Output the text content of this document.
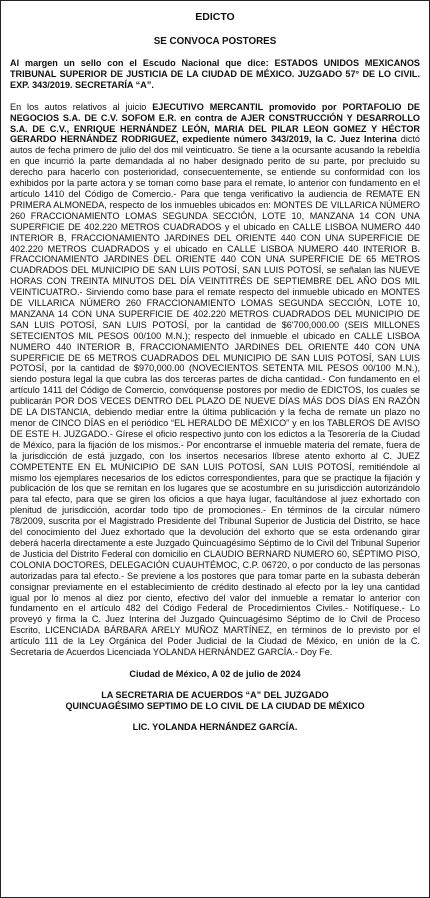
EDICTO
SE CONVOCA POSTORES
Al margen un sello con el Escudo Nacional que dice: ESTADOS UNIDOS MEXICANOS TRIBUNAL SUPERIOR DE JUSTICIA DE LA CIUDAD DE MÉXICO. JUZGADO 57° DE LO CIVIL. EXP. 343/2019. SECRETARÍA “A”.
En los autos relativos al juicio EJECUTIVO MERCANTIL promovido por PORTAFOLIO DE NEGOCIOS S.A. DE C.V. SOFOM E.R. en contra de AJER CONSTRUCCIÓN Y DESARROLLO S.A. DE C.V., ENRIQUE HERNÁNDEZ LEÓN, MARIA DEL PILAR LEON GOMEZ Y HÉCTOR GERARDO HERNÁNDEZ RODRIGUEZ, expediente número 343/2019, la C. Juez Interina dictó autos de fecha primero de julio del dos mil veinticuatro. Se tiene a la ocursante acusando la rebeldía en que incurrió la parte demandada al no haber designado perito de su parte, por precluido su derecho para hacerlo con posterioridad, consecuentemente, se entiende su conformidad con los exhibidos por la parte actora y se toman como base para el remate, lo anterior con fundamento en el artículo 1410 del Código de Comercio.- Para que tenga verificativo la audiencia de REMATE EN PRIMERA ALMONEDA, respecto de los inmuebles ubicados en: MONTES DE VILLARICA NÚMERO 260 FRACCIONAMIENTO LOMAS SEGUNDA SECCIÓN, LOTE 10, MANZANA 14 CON UNA SUPERFICIE DE 402.220 METROS CUADRADOS y el ubicado en CALLE LISBOA NUMERO 440 INTERIOR B, FRACCIONAMIENTO JARDINES DEL ORIENTE 440 CON UNA SUPERFICIE DE 402.220 METROS CUADRADOS y el ubicado en CALLE LISBOA NUMERO 440 INTERIOR B. FRACCIONAMIENTO JARDINES DEL ORIENTE 440 CON UNA SUPERFICIE DE 65 METROS CUADRADOS DEL MUNICIPIO DE SAN LUIS POTOSÍ, SAN LUIS POTOSÍ, se señalan las NUEVE HORAS CON TREINTA MINUTOS DEL DÍA VEINTITRÉS DE SEPTIEMBRE DEL AÑO DOS MIL VEINTICUATRO.- Sirviendo como base para el remate respecto del inmueble ubicado en MONTES DE VILLARICA NÚMERO 260 FRACCIONAMIENTO LOMAS SEGUNDA SECCIÓN, LOTE 10, MANZANA 14 CON UNA SUPERFICIE DE 402.220 METROS CUADRADOS DEL MUNICIPIO DE SAN LUIS POTOSÍ, SAN LUIS POTOSÍ, por la cantidad de $6'700,000.00 (SEIS MILLONES SETECIENTOS MIL PESOS 00/100 M.N.); respecto del inmueble el ubicado en CALLE LISBOA NUMERO 440 INTERIOR B, FRACCIONAMIENTO JARDINES DEL ORIENTE 440 CON UNA SUPERFICIE DE 65 METROS CUADRADOS DEL MUNICIPIO DE SAN LUIS POTOSÍ, SAN LUIS POTOSÍ, por la cantidad de $970,000.00 (NOVECIENTOS SETENTA MIL PESOS 00/100 M.N.), siendo postura legal la que cubra las dos terceras partes de dicha cantidad.- Con fundamento en el artículo 1411 del Código de Comercio, convóquense postores por medio de EDICTOS, los cuales se publicarán POR DOS VECES DENTRO DEL PLAZO DE NUEVE DÍAS MÁS DOS DÍAS EN RAZÓN DE LA DISTANCIA, debiendo mediar entre la última publicación y la fecha de remate un plazo no menor de CINCO DÍAS en el periódico “EL HERALDO DE MÉXICO” y en los TABLEROS DE AVISO DE ESTE H. JUZGADO.- Gírese el oficio respectivo junto con los edictos a la Tesorería de la Ciudad de México, para la fijación de los mismos.- Por encontrarse el inmueble materia del remate, fuera de la jurisdicción de está juzgado, con los insertos necesarios líbrese atento exhorto al C. JUEZ COMPETENTE EN EL MUNICIPIO DE SAN LUIS POTOSÍ, SAN LUIS POTOSÍ, remitiéndole al mismo los ejemplares necesarios de los edictos correspondientes, para que se practique la fijación y publicación de los que se remitan en los lugares que se acostumbre en su jurisdicción autorizándolo para tal efecto, para que se giren los oficios a que haya lugar, facultándose al juez exhortado con plenitud de jurisdicción, acordar todo tipo de promociones.- En términos de la circular número 78/2009, suscrita por el Magistrado Presidente del Tribunal Superior de Justicia del Distrito, se hace del conocimiento del Juez exhortado que la devolución del exhorto que se esta ordenando girar deberá hacerla directamente a este Juzgado Quincuagésimo Séptimo de lo Civil del Tribunal Superior de Justicia del Distrito Federal con domicilio en CLAUDIO BERNARD NUMERO 60, SÉPTIMO PISO, COLONIA DOCTORES, DELEGACIÓN CUAUHTÉMOC, C.P. 06720, o por conducto de las personas autorizadas para tal efecto.- Se previene a los postores que para tomar parte en la subasta deberán consignar previamente en el establecimiento de crédito destinado al efecto por la ley una cantidad igual por lo menos al diez por ciento, efectivo del valor del inmueble a rematar lo anterior con fundamento en el artículo 482 del Código Federal de Procedimientos Civiles.- Notifíquese.- Lo proveyó y firma la C. Juez Interina del Juzgado Quincuagésimo Séptimo de lo Civil de Proceso Escrito, LICENCIADA BÁRBARA ARELY MUÑOZ MARTÍNEZ, en términos de lo previsto por el artículo 111 de la Ley Orgánica del Poder Judicial de la Ciudad de México, en unión de la C. Secretaria de Acuerdos Licenciada YOLANDA HERNÁNDEZ GARCÍA.- Doy Fe.
Ciudad de México, A 02 de julio de 2024
LA SECRETARIA DE ACUERDOS “A” DEL JUZGADO
QUINCUAGÉSIMO SEPTIMO DE LO CIVIL DE LA CIUDAD DE MÉXICO
LIC. YOLANDA HERNÁNDEZ GARCÍA.
